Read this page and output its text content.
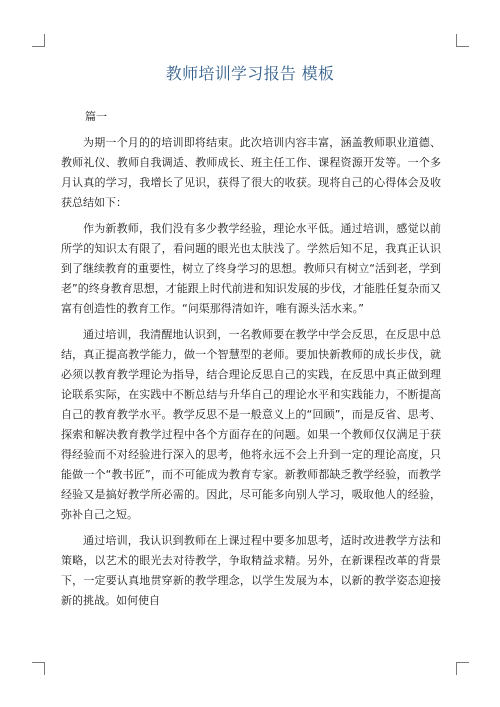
教师培训学习报告 模板
篇一

为期一个月的的培训即将结束。此次培训内容丰富，涵盖教师职业道德、教师礼仪、教师自我调适、教师成长、班主任工作、课程资源开发等。一个多月认真的学习，我增长了见识，获得了很大的收获。现将自己的心得体会及收获总结如下：

作为新教师，我们没有多少教学经验，理论水平低。通过培训，感觉以前所学的知识太有限了，看问题的眼光也太肤浅了。学然后知不足，我真正认识到了继续教育的重要性，树立了终身学习的思想。教师只有树立“活到老，学到老”的终身教育思想，才能跟上时代前进和知识发展的步伐，才能胜任复杂而又富有创造性的教育工作。“问渠那得清如许，唯有源头活水来。”

通过培训，我清醒地认识到，一名教师要在教学中学会反思，在反思中总结，真正提高教学能力，做一个智慧型的老师。要加快新教师的成长步伐，就必须以教育教学理论为指导，结合理论反思自己的实践，在反思中真正做到理论联系实际，在实践中不断总结与升华自己的理论水平和实践能力，不断提高自己的教育教学水平。教学反思不是一般意义上的“回顾”，而是反省、思考、探索和解决教育教学过程中各个方面存在的问题。如果一个教师仅仅满足于获得经验而不对经验进行深入的思考，他将永远不会上升到一定的理论高度，只能做一个“教书匠”，而不可能成为教育专家。新教师都缺乏教学经验，而教学经验又是搞好教学所必需的。因此，尽可能多向别人学习，吸取他人的经验，弥补自己之短。

通过培训，我认识到教师在上课过程中要多加思考，适时改进教学方法和策略，以艺术的眼光去对待教学，争取精益求精。另外，在新课程改革的背景下，一定要认真地贯穿新的教学理念，以学生发展为本，以新的教学姿态迎接新的挑战。如何使自
